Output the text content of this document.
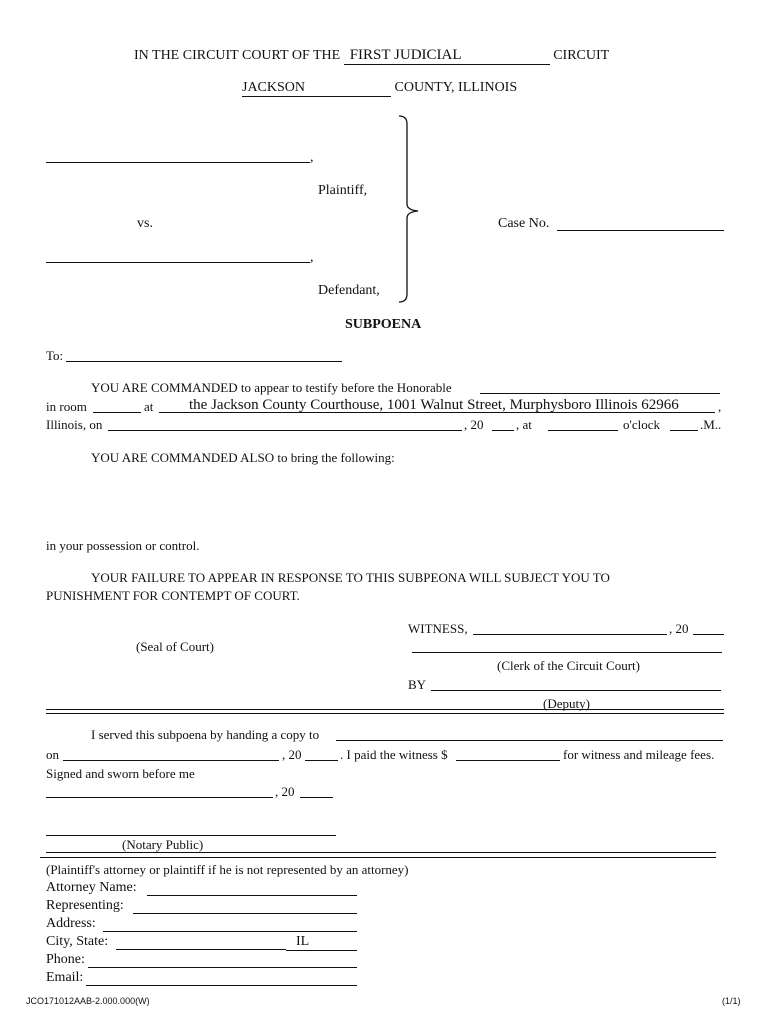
IN THE CIRCUIT COURT OF THE FIRST JUDICIAL	CIRCUIT
JACKSON	COUNTY, ILLINOIS
,
Plaintiff,
vs.	Case No.
,
Defendant,
SUBPOENA
To:
YOU ARE COMMANDED to appear to testify before the Honorable
in room	at the Jackson County Courthouse, 1001 Walnut Street, Murphysboro Illinois 62966	,
Illinois, on	, 20	, at	o'clock	.M..
YOU ARE COMMANDED ALSO to bring the following:
in your possession or control.
YOUR FAILURE TO APPEAR IN RESPONSE TO THIS SUBPEONA WILL SUBJECT YOU TO
PUNISHMENT FOR CONTEMPT OF COURT.
WITNESS,	, 20
(Seal of Court)
(Clerk of the Circuit Court)
BY
(Deputy)
I served this subpoena by handing a copy to
on	, 20	. I paid the witness $	for witness and mileage fees.
Signed and sworn before me
, 20
(Notary Public)
(Plaintiff's attorney or plaintiff if he is not represented by an attorney)
Attorney Name:
Representing:
Address:
City, State:	IL
Phone:
Email:
JCO171012AAB-2.000.000(W)	(1/1)
